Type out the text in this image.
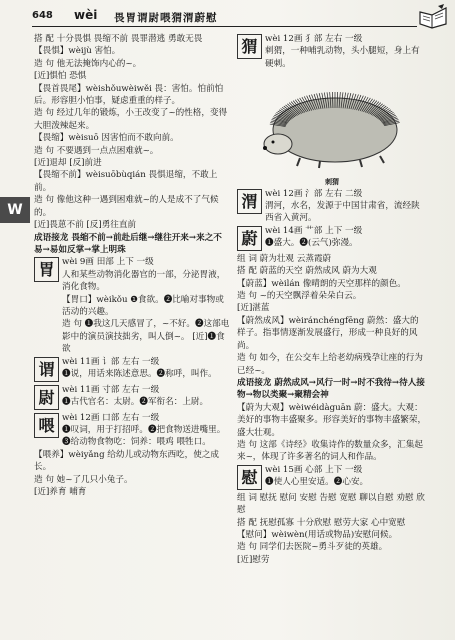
648 wèi 畏胃谓尉喂猬渭蔚慰
W

搭 配 十分畏惧 畏缩不前 畏罪潜逃 勇敢无畏

【畏惧】wèijù 害怕。

造 句 他无法掩饰内心的~。

[近]惧怕 恐惧

【畏首畏尾】wèishǒuwèiwěi 畏：害怕。怕前怕后。形容胆小怕事，疑虑重重的样子。

造 句 经过几年的锻炼，小王改变了~的性格，变得大胆泼辣起来。

【畏缩】wèisuō 因害怕而不敢向前。

造 句 不要遇到一点点困难就~。

[近]退却 [反]前进

【畏缩不前】wèisuōbùqián 畏惧退缩，不敢上前。

造 句 像他这种一遇到困难就~的人是成不了气候的。

[近]畏葸不前 [反]勇往直前

成语接龙 畏缩不前→前赴后继→继往开来→来之不易→易如反掌→掌上明珠

胃 wèi 9画 田部 上下 一级

人和某些动物消化器官的一部，分泌胃液，消化食物。

【胃口】wèikǒu ❶食欲。❷比喻对事物或活动的兴趣。

造 句 ❶我这几天感冒了，~不好。❷这部电影中的演员演技拙劣，叫人倒~。 [近]❶食欲

谓 wèi 11画 讠部 左右 一级

❶说，用话来陈述意思。❷称呼，叫作。

尉 wèi 11画 寸部 左右 一级

❶古代官名：太尉。❷军衔名：上尉。

喂 wèi 12画 口部 左右 一级

❶叹词，用于打招呼。❷把食物送进嘴里。❸给动物食物吃：饲养：喂鸡 喂牲口。

【喂养】wèiyǎng 给幼儿或动物东西吃，使之成长。

造 句 她~了几只小兔子。

[近]养育 哺育

猬 wèi 12画 犭部 左右 一级

刺猬，一种哺乳动物，头小腿短，身上有硬刺。

刺猬
渭 wèi 12画 氵部 左右 二级

渭河，水名，发源于中国甘肃省，流经陕西省入黄河。

蔚 wèi 14画 艹部 上下 一级

❶盛大。❷(云气)弥漫。

组 词 蔚为壮观 云蒸霞蔚

搭 配 蔚蓝的天空 蔚然成风 蔚为大观

【蔚蓝】wèilán 像晴朗的天空那样的颜色。

造 句 ~的天空飘浮着朵朵白云。

[近]湛蓝

【蔚然成风】wèiránchéngfēng 蔚然：盛大的样子。指事情逐渐发展盛行，形成一种良好的风尚。

造 句 如今，在公交车上给老幼病残孕让座的行为已经~。

成语接龙 蔚然成风→风行一时→时不我待→待人接物→物以类聚→聚精会神

【蔚为大观】wèiwéidàguān 蔚：盛大。大观：美好的事物丰盛聚多。形容美好的事物丰盛繁荣，盛大壮观。

造 句 这部《诗经》收集诗作的数量众多，汇集起来~，体现了许多著名的词人和作品。

慰 wèi 15画 心部 上下 一级

❶使人心里安适。❷心安。

组 词 慰抚 慰问 安慰 告慰 宽慰 聊以自慰 劝慰 欣慰

搭 配 抚慰孤寡 十分欣慰 慰劳大家 心中宽慰

【慰问】wèiwèn(用话或物品)安慰问候。

造 句 同学们去医院~勇斗歹徒的英雄。

[近]慰劳
